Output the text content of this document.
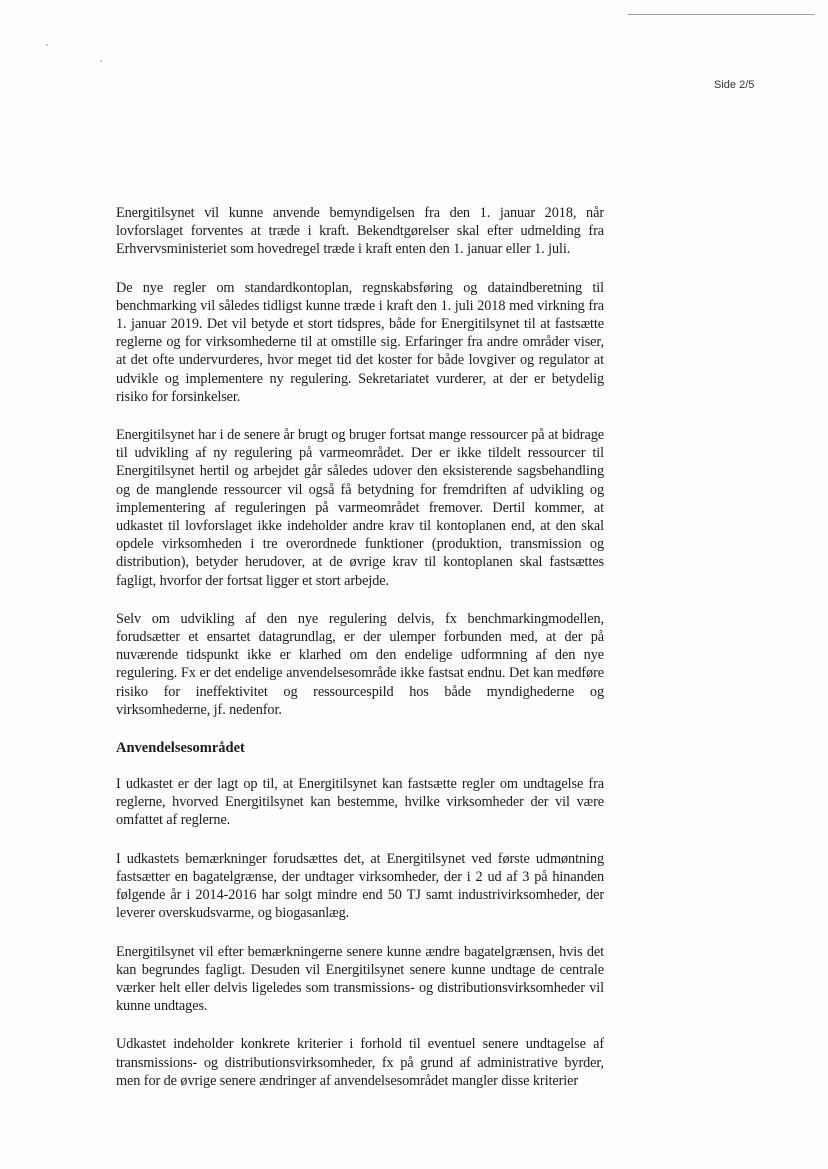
Side 2/5

Energitilsynet vil kunne anvende bemyndigelsen fra den 1. januar 2018, når lovforslaget forventes at træde i kraft. Bekendtgørelser skal efter udmelding fra Erhvervsministeriet som hovedregel træde i kraft enten den 1. januar eller 1. juli.

De nye regler om standardkontoplan, regnskabsføring og dataindberetning til benchmarking vil således tidligst kunne træde i kraft den 1. juli 2018 med virkning fra 1. januar 2019. Det vil betyde et stort tidspres, både for Energitilsynet til at fastsætte reglerne og for virksomhederne til at omstille sig. Erfaringer fra andre områder viser, at det ofte undervurderes, hvor meget tid det koster for både lovgiver og regulator at udvikle og implementere ny regulering. Sekretariatet vurderer, at der er betydelig risiko for forsinkelser.

Energitilsynet har i de senere år brugt og bruger fortsat mange ressourcer på at bidrage til udvikling af ny regulering på varmeområdet. Der er ikke tildelt ressourcer til Energitilsynet hertil og arbejdet går således udover den eksisterende sagsbehandling og de manglende ressourcer vil også få betydning for fremdriften af udvikling og implementering af reguleringen på varmeområdet fremover. Dertil kommer, at udkastet til lovforslaget ikke indeholder andre krav til kontoplanen end, at den skal opdele virksomheden i tre overordnede funktioner (produktion, transmission og distribution), betyder herudover, at de øvrige krav til kontoplanen skal fastsættes fagligt, hvorfor der fortsat ligger et stort arbejde.

Selv om udvikling af den nye regulering delvis, fx benchmarkingmodellen, forudsætter et ensartet datagrundlag, er der ulemper forbunden med, at der på nuværende tidspunkt ikke er klarhed om den endelige udformning af den nye regulering. Fx er det endelige anvendelsesområde ikke fastsat endnu. Det kan medføre risiko for ineffektivitet og ressourcespild hos både myndighederne og virksomhederne, jf. nedenfor.

Anvendelsesområdet

I udkastet er der lagt op til, at Energitilsynet kan fastsætte regler om undtagelse fra reglerne, hvorved Energitilsynet kan bestemme, hvilke virksomheder der vil være omfattet af reglerne.

I udkastets bemærkninger forudsættes det, at Energitilsynet ved første udmøntning fastsætter en bagatelgrænse, der undtager virksomheder, der i 2 ud af 3 på hinanden følgende år i 2014-2016 har solgt mindre end 50 TJ samt industrivirksomheder, der leverer overskudsvarme, og biogasanlæg.

Energitilsynet vil efter bemærkningerne senere kunne ændre bagatelgrænsen, hvis det kan begrundes fagligt. Desuden vil Energitilsynet senere kunne undtage de centrale værker helt eller delvis ligeledes som transmissions- og distributionsvirksomheder vil kunne undtages.

Udkastet indeholder konkrete kriterier i forhold til eventuel senere undtagelse af transmissions- og distributionsvirksomheder, fx på grund af administrative byrder, men for de øvrige senere ændringer af anvendelsesområdet mangler disse kriterier
